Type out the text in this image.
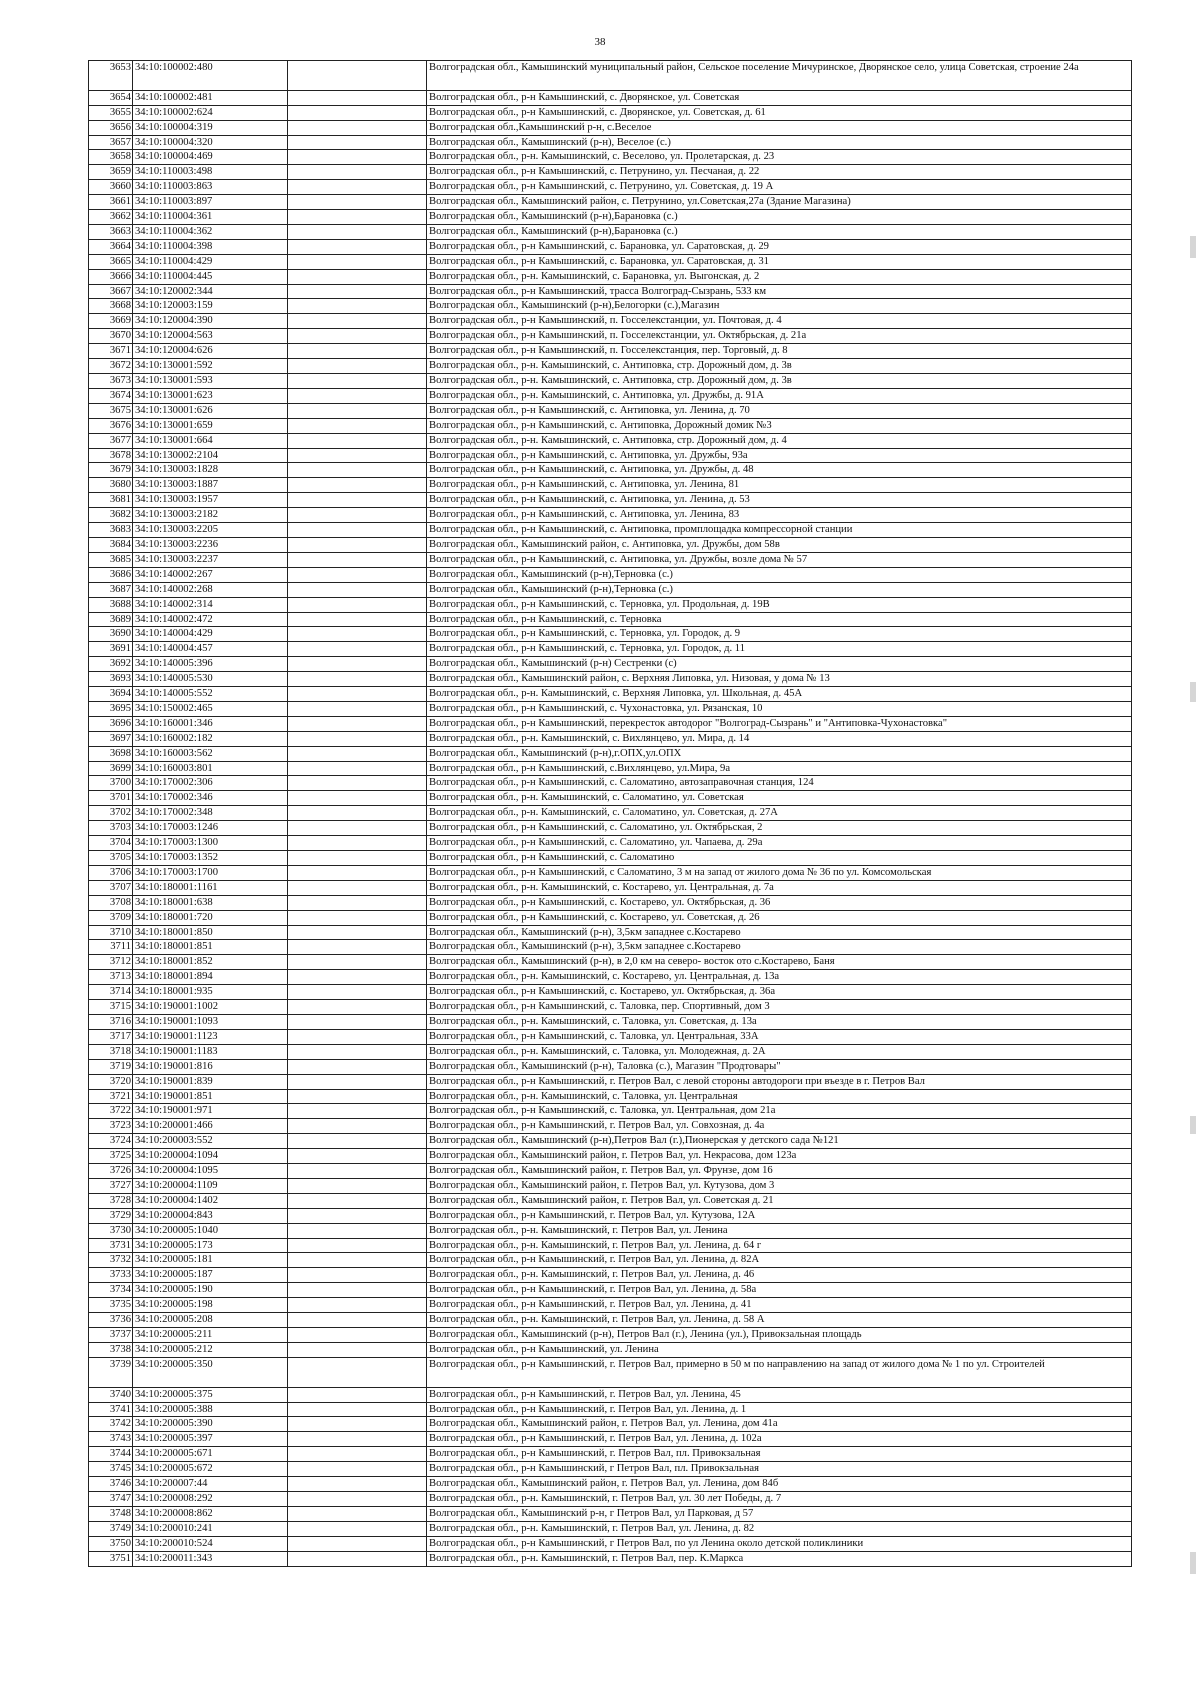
38
3653	34:10:100002:480		Волгоградская обл., Камышинский муниципальный район, Сельское поселение Мичуринское, Дворянское село, улица Советская, строение 24а
3654	34:10:100002:481		Волгоградская обл., р-н Камышинский, с. Дворянское, ул. Советская
3655	34:10:100002:624		Волгоградская обл., р-н Камышинский, с. Дворянское, ул. Советская, д. 61
3656	34:10:100004:319		Волгоградская обл.,Камышинский р-н, с.Веселое
3657	34:10:100004:320		Волгоградская обл., Камышинский (р-н), Веселое (с.)
3658	34:10:100004:469		Волгоградская обл., р-н. Камышинский, с. Веселово, ул. Пролетарская, д. 23
3659	34:10:110003:498		Волгоградская обл., р-н Камышинский, с. Петрунино, ул. Песчаная, д. 22
3660	34:10:110003:863		Волгоградская обл., р-н Камышинский, с. Петрунино, ул. Советская, д. 19 А
3661	34:10:110003:897		Волгоградская обл., Камышинский район, с. Петрунино, ул.Советская,27а (Здание Магазина)
3662	34:10:110004:361		Волгоградская обл., Камышинский (р-н),Барановка (с.)
3663	34:10:110004:362		Волгоградская обл., Камышинский (р-н),Барановка (с.)
3664	34:10:110004:398		Волгоградская обл., р-н Камышинский, с. Барановка, ул. Саратовская, д. 29
3665	34:10:110004:429		Волгоградская обл., р-н Камышинский, с. Барановка, ул. Саратовская, д. 31
3666	34:10:110004:445		Волгоградская обл., р-н. Камышинский, с. Барановка, ул. Выгонская, д. 2
3667	34:10:120002:344		Волгоградская обл., р-н Камышинский, трасса Волгоград-Сызрань, 533 км
3668	34:10:120003:159		Волгоградская обл., Камышинский (р-н),Белогорки (с.),Магазин
3669	34:10:120004:390		Волгоградская обл., р-н Камышинский, п. Госселекстанции, ул. Почтовая, д. 4
3670	34:10:120004:563		Волгоградская обл., р-н Камышинский, п. Госселекстанции, ул. Октябрьская, д. 21а
3671	34:10:120004:626		Волгоградская обл., р-н Камышинский, п. Госселекстанция, пер. Торговый, д. 8
3672	34:10:130001:592		Волгоградская обл., р-н. Камышинский, с. Антиповка, стр. Дорожный дом, д. 3в
3673	34:10:130001:593		Волгоградская обл., р-н. Камышинский, с. Антиповка, стр. Дорожный дом, д. 3в
3674	34:10:130001:623		Волгоградская обл., р-н. Камышинский, с. Антиповка, ул. Дружбы, д. 91А
3675	34:10:130001:626		Волгоградская обл., р-н Камышинский, с. Антиповка, ул. Ленина, д. 70
3676	34:10:130001:659		Волгоградская обл., р-н Камышинский, с. Антиповка, Дорожный домик №3
3677	34:10:130001:664		Волгоградская обл., р-н. Камышинский, с. Антиповка, стр. Дорожный дом, д. 4
3678	34:10:130002:2104		Волгоградская обл., р-н Камышинский, с. Антиповка, ул. Дружбы, 93а
3679	34:10:130003:1828		Волгоградская обл., р-н Камышинский, с. Антиповка, ул. Дружбы, д. 48
3680	34:10:130003:1887		Волгоградская обл., р-н Камышинский, с. Антиповка, ул. Ленина, 81
3681	34:10:130003:1957		Волгоградская обл., р-н Камышинский, с. Антиповка, ул. Ленина, д. 53
3682	34:10:130003:2182		Волгоградская обл., р-н Камышинский, с. Антиповка, ул. Ленина, 83
3683	34:10:130003:2205		Волгоградская обл., р-н Камышинский, с. Антиповка, промплощадка компрессорной станции
3684	34:10:130003:2236		Волгоградская обл., Камышинский район, с. Антиповка, ул. Дружбы, дом 58в
3685	34:10:130003:2237		Волгоградская обл., р-н Камышинский, с. Антиповка, ул. Дружбы, возле дома № 57
3686	34:10:140002:267		Волгоградская обл., Камышинский (р-н),Терновка (с.)
3687	34:10:140002:268		Волгоградская обл., Камышинский (р-н),Терновка (с.)
3688	34:10:140002:314		Волгоградская обл., р-н Камышинский, с. Терновка, ул. Продольная, д. 19В
3689	34:10:140002:472		Волгоградская обл., р-н Камышинский, с. Терновка
3690	34:10:140004:429		Волгоградская обл., р-н Камышинский, с. Терновка, ул. Городок, д. 9
3691	34:10:140004:457		Волгоградская обл., р-н Камышинский, с. Терновка, ул. Городок, д. 11
3692	34:10:140005:396		Волгоградская обл., Камышинский (р-н) Сестренки (с)
3693	34:10:140005:530		Волгоградская обл., Камышинский район, с. Верхняя Липовка, ул. Низовая, у дома № 13
3694	34:10:140005:552		Волгоградская обл., р-н. Камышинский, с. Верхняя Липовка, ул. Школьная, д. 45А
3695	34:10:150002:465		Волгоградская обл., р-н Камышинский, с. Чухонастовка, ул. Рязанская, 10
3696	34:10:160001:346		Волгоградская обл., р-н Камышинский, перекресток автодорог "Волгоград-Сызрань" и "Антиповка-Чухонастовка"
3697	34:10:160002:182		Волгоградская обл., р-н. Камышинский, с. Вихлянцево, ул. Мира, д. 14
3698	34:10:160003:562		Волгоградская обл., Камышинский (р-н),г.ОПХ,ул.ОПХ
3699	34:10:160003:801		Волгоградская обл., р-н Камышинский, с.Вихлянцево, ул.Мира, 9а
3700	34:10:170002:306		Волгоградская обл., р-н Камышинский, с. Саломатино, автозаправочная станция, 124
3701	34:10:170002:346		Волгоградская обл., р-н. Камышинский, с. Саломатино, ул. Советская
3702	34:10:170002:348		Волгоградская обл., р-н. Камышинский, с. Саломатино, ул. Советская, д. 27А
3703	34:10:170003:1246		Волгоградская обл., р-н Камышинский, с. Саломатино, ул. Октябрьская, 2
3704	34:10:170003:1300		Волгоградская обл., р-н Камышинский, с. Саломатино, ул. Чапаева, д. 29а
3705	34:10:170003:1352		Волгоградская обл., р-н Камышинский, с. Саломатино
3706	34:10:170003:1700		Волгоградская обл., р-н Камышинский, с Саломатино, 3 м на запад от жилого дома № 36 по ул. Комсомольская
3707	34:10:180001:1161		Волгоградская обл., р-н. Камышинский, с. Костарево, ул. Центральная, д. 7а
3708	34:10:180001:638		Волгоградская обл., р-н Камышинский, с. Костарево, ул. Октябрьская, д. 36
3709	34:10:180001:720		Волгоградская обл., р-н Камышинский, с. Костарево, ул. Советская, д. 26
3710	34:10:180001:850		Волгоградская обл., Камышинский (р-н), 3,5км западнее с.Костарево
3711	34:10:180001:851		Волгоградская обл., Камышинский (р-н), 3,5км западнее с.Костарево
3712	34:10:180001:852		Волгоградская обл., Камышинский (р-н), в 2,0 км на северо- восток ото с.Костарево, Баня
3713	34:10:180001:894		Волгоградская обл., р-н. Камышинский, с. Костарево, ул. Центральная, д. 13а
3714	34:10:180001:935		Волгоградская обл., р-н Камышинский, с. Костарево, ул. Октябрьская, д. 36а
3715	34:10:190001:1002		Волгоградская обл., р-н Камышинский, с. Таловка, пер. Спортивный, дом 3
3716	34:10:190001:1093		Волгоградская обл., р-н. Камышинский, с. Таловка, ул. Советская, д. 13а
3717	34:10:190001:1123		Волгоградская обл., р-н Камышинский, с. Таловка, ул. Центральная, 33А
3718	34:10:190001:1183		Волгоградская обл., р-н. Камышинский, с. Таловка, ул. Молодежная, д. 2А
3719	34:10:190001:816		Волгоградская обл., Камышинский (р-н), Таловка (с.), Магазин "Продтовары"
3720	34:10:190001:839		Волгоградская обл., р-н Камышинский, г. Петров Вал, с левой стороны автодороги при въезде в г. Петров Вал
3721	34:10:190001:851		Волгоградская обл., р-н. Камышинский, с. Таловка, ул. Центральная
3722	34:10:190001:971		Волгоградская обл., р-н Камышинский, с. Таловка, ул. Центральная, дом 21а
3723	34:10:200001:466		Волгоградская обл., р-н Камышинский, г. Петров Вал, ул. Совхозная, д. 4а
3724	34:10:200003:552		Волгоградская обл., Камышинский (р-н),Петров Вал (г.),Пионерская у детского сада №121
3725	34:10:200004:1094		Волгоградская обл., Камышинский район, г. Петров Вал, ул. Некрасова, дом 123а
3726	34:10:200004:1095		Волгоградская обл., Камышинский район, г. Петров Вал, ул. Фрунзе, дом 16
3727	34:10:200004:1109		Волгоградская обл., Камышинский район, г. Петров Вал, ул. Кутузова, дом 3
3728	34:10:200004:1402		Волгоградская обл., Камышинский район, г. Петров Вал, ул. Советская д. 21
3729	34:10:200004:843		Волгоградская обл., р-н Камышинский, г. Петров Вал, ул. Кутузова, 12А
3730	34:10:200005:1040		Волгоградская обл., р-н. Камышинский, г. Петров Вал, ул. Ленина
3731	34:10:200005:173		Волгоградская обл., р-н. Камышинский, г. Петров Вал, ул. Ленина, д. 64 г
3732	34:10:200005:181		Волгоградская обл., р-н Камышинский, г. Петров Вал, ул. Ленина, д. 82А
3733	34:10:200005:187		Волгоградская обл., р-н. Камышинский, г. Петров Вал, ул. Ленина, д. 46
3734	34:10:200005:190		Волгоградская обл., р-н Камышинский, г. Петров Вал, ул. Ленина, д. 58а
3735	34:10:200005:198		Волгоградская обл., р-н Камышинский, г. Петров Вал, ул. Ленина, д. 41
3736	34:10:200005:208		Волгоградская обл., р-н. Камышинский, г. Петров Вал, ул. Ленина, д. 58 А
3737	34:10:200005:211		Волгоградская обл., Камышинский (р-н), Петров Вал (г.), Ленина (ул.), Привокзальная площадь
3738	34:10:200005:212		Волгоградская обл., р-н Камышинский, ул. Ленина
3739	34:10:200005:350		Волгоградская обл., р-н Камышинский, г. Петров Вал, примерно в 50 м по направлению на запад от жилого дома № 1 по ул. Строителей
3740	34:10:200005:375		Волгоградская обл., р-н Камышинский, г. Петров Вал, ул. Ленина, 45
3741	34:10:200005:388		Волгоградская обл., р-н Камышинский, г. Петров Вал, ул. Ленина, д. 1
3742	34:10:200005:390		Волгоградская обл., Камышинский район, г. Петров Вал, ул. Ленина, дом 41а
3743	34:10:200005:397		Волгоградская обл., р-н Камышинский, г. Петров Вал, ул. Ленина, д. 102а
3744	34:10:200005:671		Волгоградская обл., р-н Камышинский, г. Петров Вал, пл. Привокзальная
3745	34:10:200005:672		Волгоградская обл., р-н Камышинский, г Петров Вал, пл. Привокзальная
3746	34:10:200007:44		Волгоградская обл., Камышинский район, г. Петров Вал, ул. Ленина, дом 84б
3747	34:10:200008:292		Волгоградская обл., р-н. Камышинский, г. Петров Вал, ул. 30 лет Победы, д. 7
3748	34:10:200008:862		Волгоградская обл., Камышинский р-н, г Петров Вал, ул Парковая, д 57
3749	34:10:200010:241		Волгоградская обл., р-н. Камышинский, г. Петров Вал, ул. Ленина, д. 82
3750	34:10:200010:524		Волгоградская обл., р-н Камышинский, г Петров Вал, по ул Ленина около детской поликлиники
3751	34:10:200011:343		Волгоградская обл., р-н. Камышинский, г. Петров Вал, пер. К.Маркса
